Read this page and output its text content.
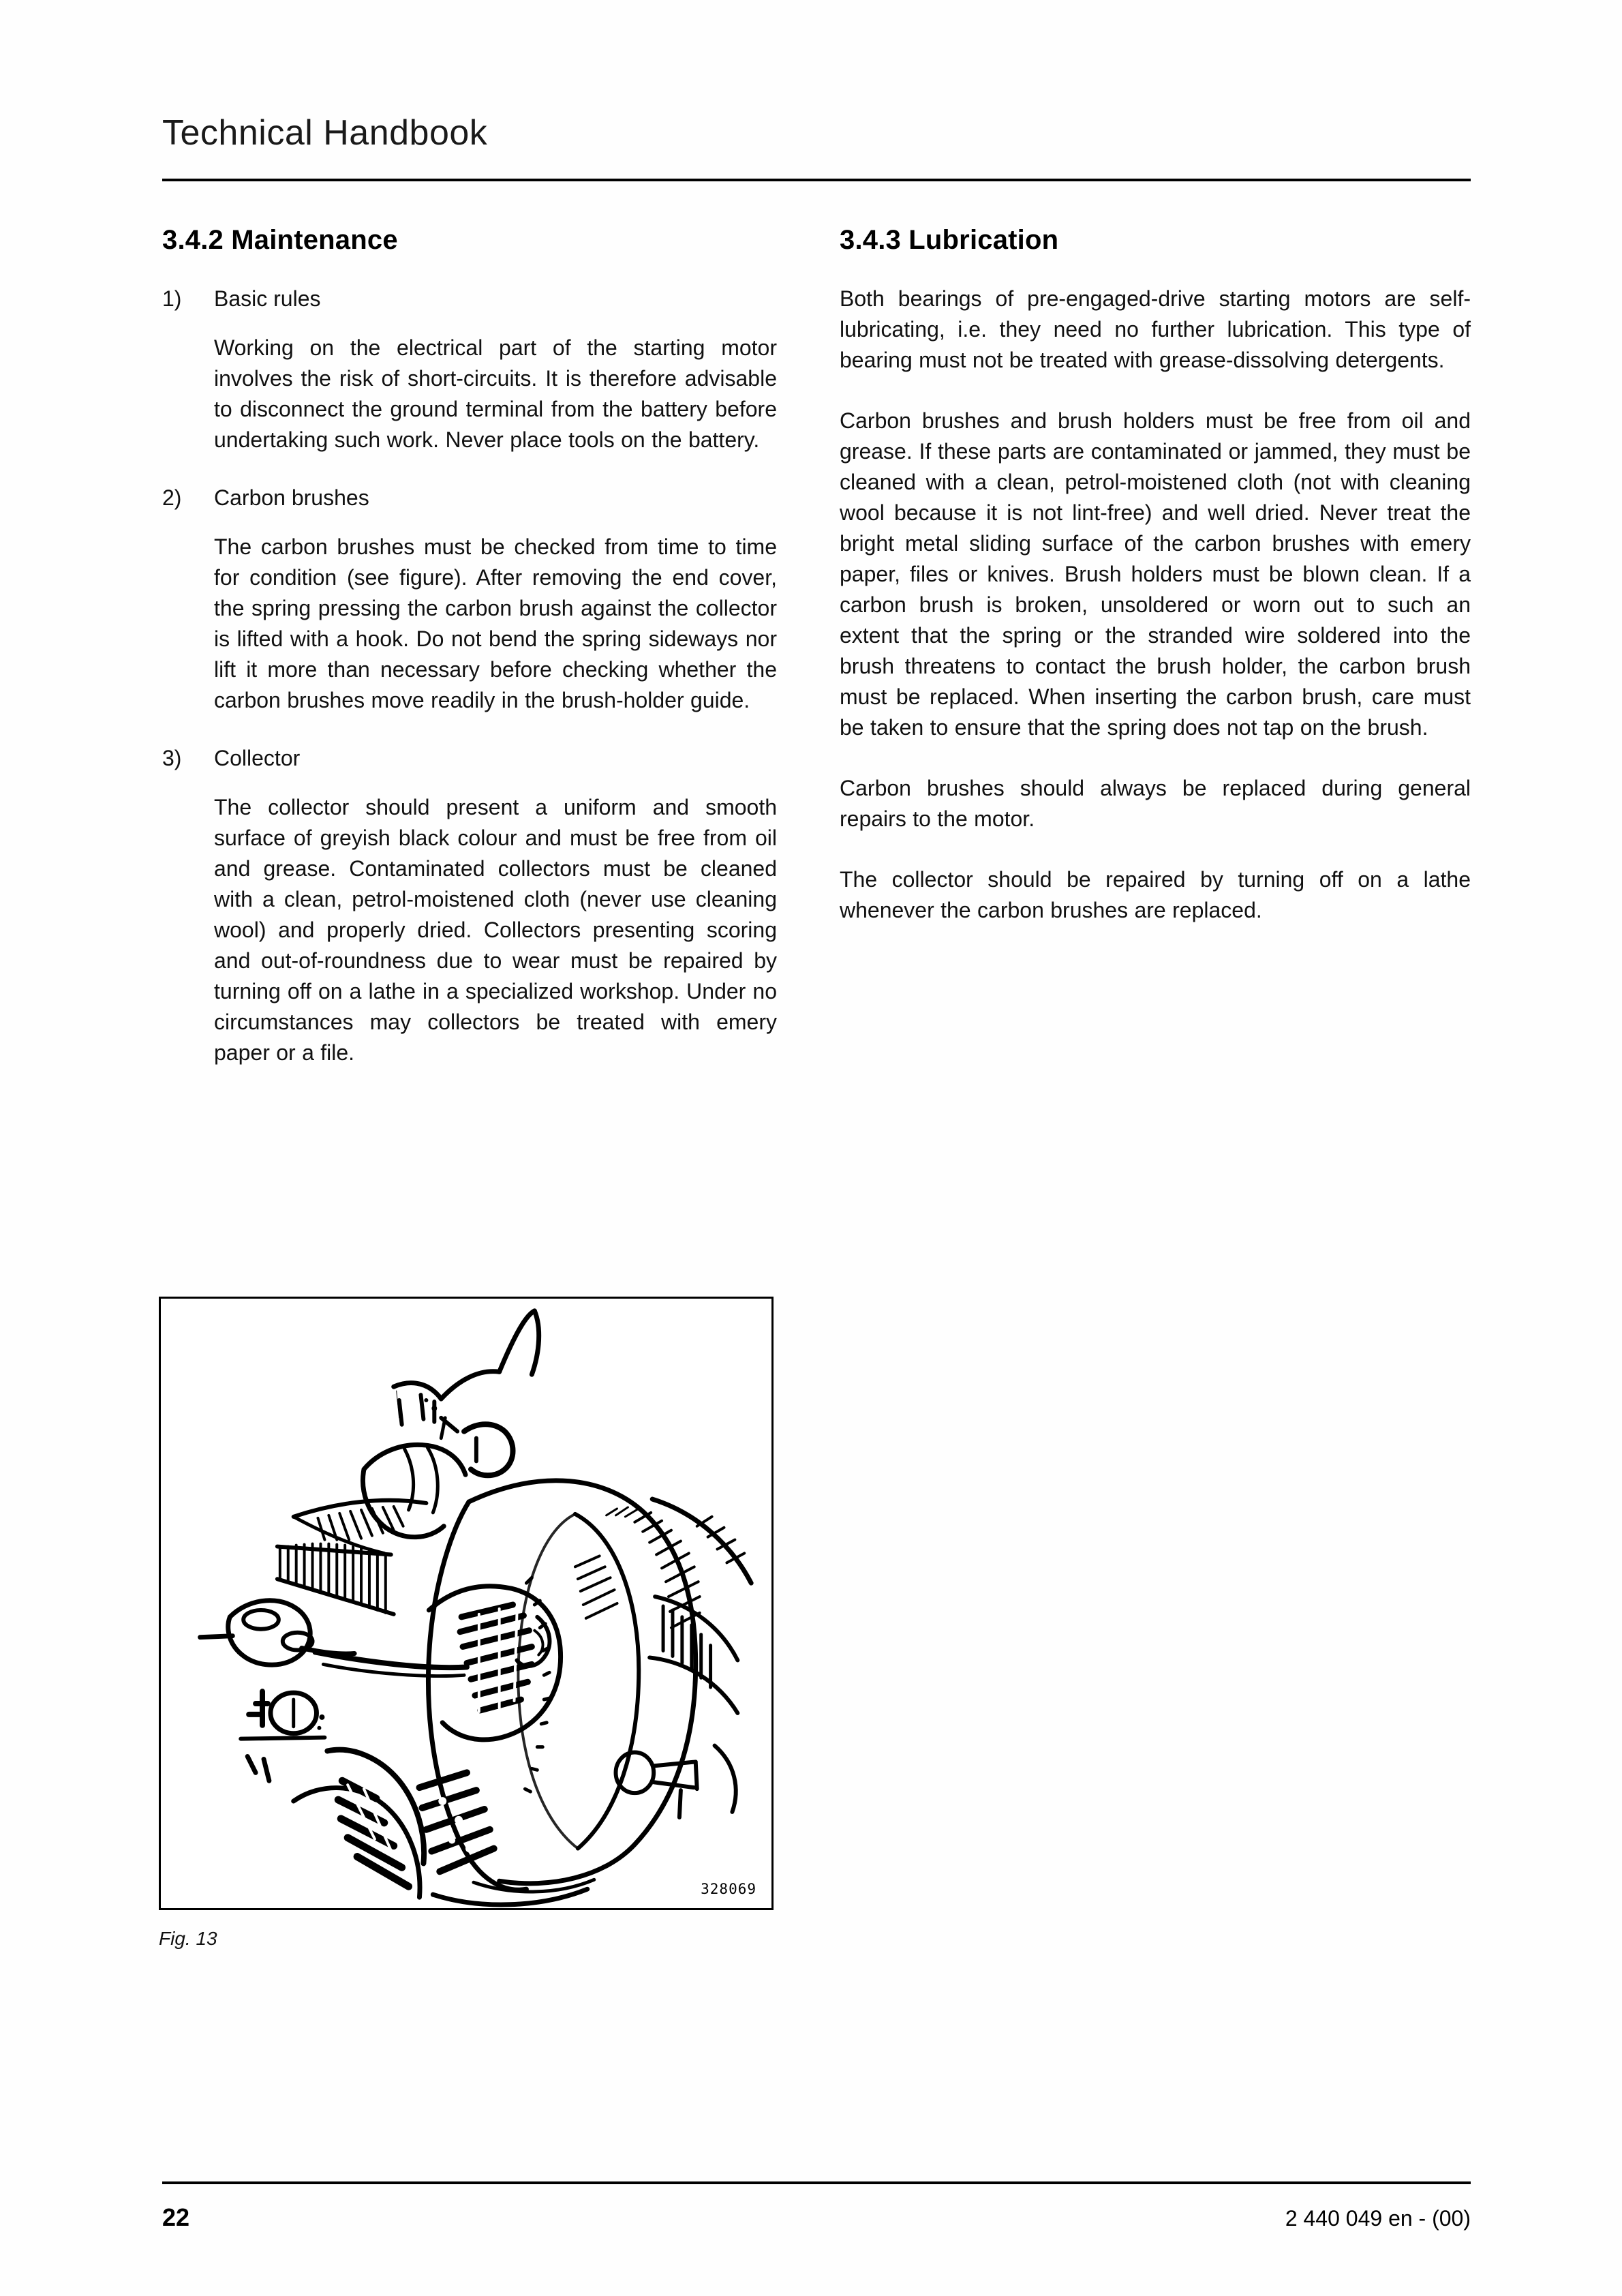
Technical Handbook
3.4.2 Maintenance
1)	Basic rules
Working on the electrical part of the starting motor involves the risk of short-circuits. It is therefore advisable to disconnect the ground terminal from the battery before undertaking such work. Never place tools on the battery.
2)	Carbon brushes
The carbon brushes must be checked from time to time for condition (see figure). After removing the end cover, the spring pressing the carbon brush against the collector is lifted with a hook. Do not bend the spring sideways nor lift it more than necessary before checking whether the carbon brushes move readily in the brush-holder guide.
3)	Collector
The collector should present a uniform and smooth surface of greyish black colour and must be free from oil and grease. Contaminated collectors must be cleaned with a clean, petrol-moistened cloth (never use cleaning wool) and properly dried. Collectors presenting scoring and out-of-roundness due to wear must be repaired by turning off on a lathe in a specialized workshop. Under no circumstances may collectors be treated with emery paper or a file.
3.4.3 Lubrication

Both bearings of pre-engaged-drive starting motors are self-lubricating, i.e. they need no further lubrication. This type of bearing must not be treated with grease-dissolving detergents.

Carbon brushes and brush holders must be free from oil and grease. If these parts are contaminated or jammed, they must be cleaned with a clean, petrol-moistened cloth (not with cleaning wool because it is not lint-free) and well dried. Never treat the bright metal sliding surface of the carbon brushes with emery paper, files or knives. Brush holders must be blown clean. If a carbon brush is broken, unsoldered or worn out to such an extent that the spring or the stranded wire soldered into the brush threatens to contact the brush holder, the carbon brush must be replaced. When inserting the carbon brush, care must be taken to ensure that the spring does not tap on the brush.

Carbon brushes should always be replaced during general repairs to the motor.

The collector should be repaired by turning off on a lathe whenever the carbon brushes are replaced.

328069
Fig. 13
22	2 440 049 en - (00)
